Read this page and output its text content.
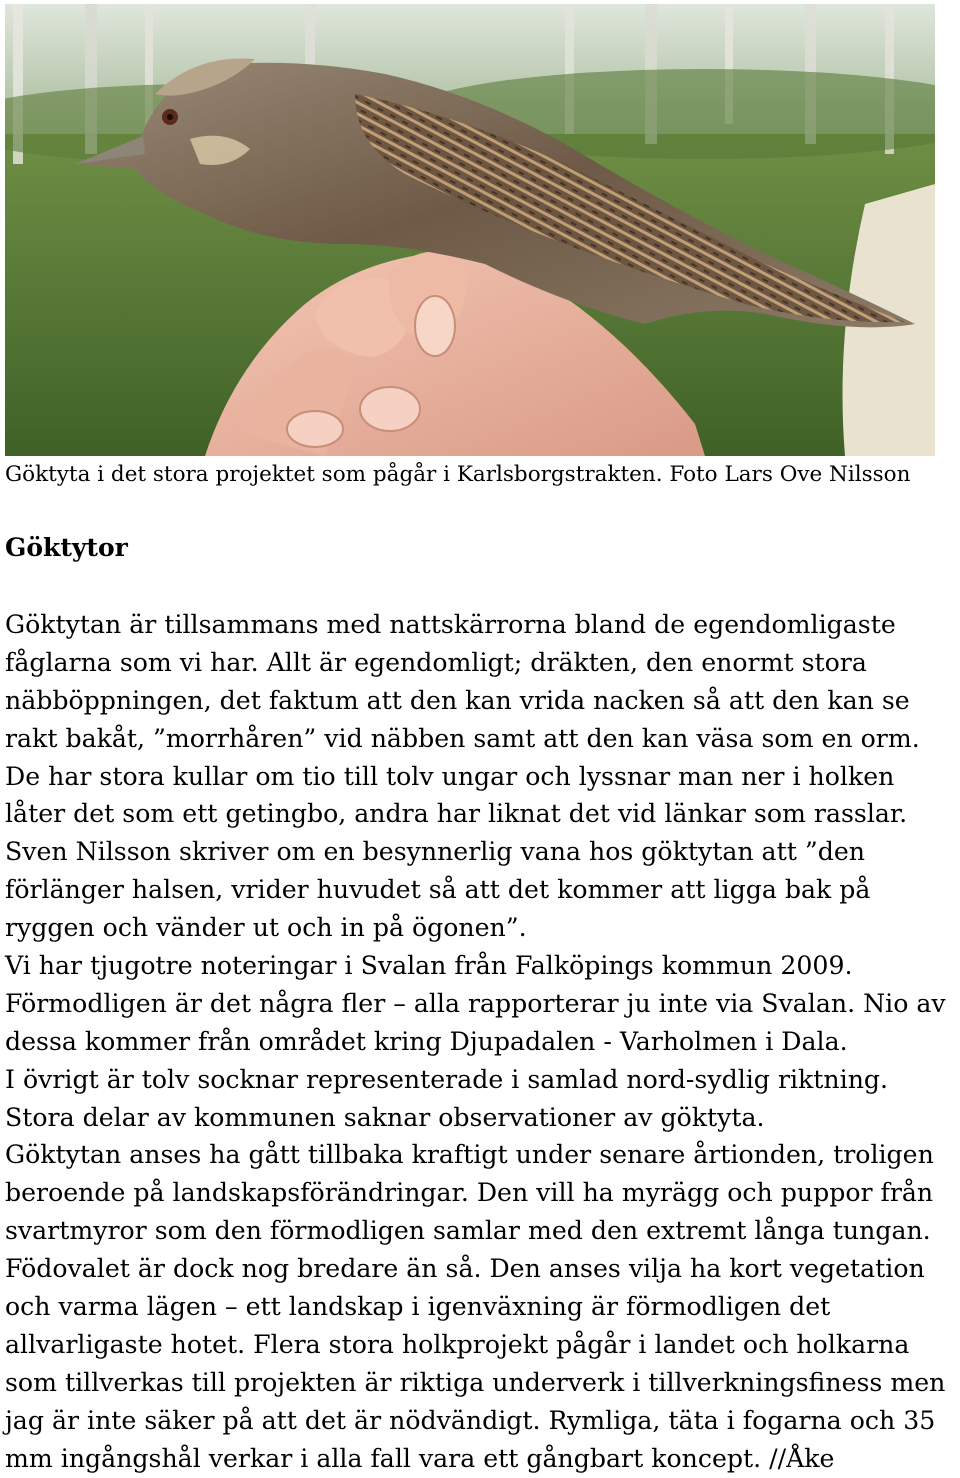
Göktyta i det stora projektet som pågår i Karlsborgstrakten. Foto Lars Ove Nilsson
Göktytor
Göktytan är tillsammans med nattskärrorna bland de egendomligaste
fåglarna som vi har. Allt är egendomligt; dräkten, den enormt stora
näbböppningen, det faktum att den kan vrida nacken så att den kan se
rakt bakåt, ”morrhåren” vid näbben samt att den kan väsa som en orm.
De har stora kullar om tio till tolv ungar och lyssnar man ner i holken
låter det som ett getingbo, andra har liknat det vid länkar som rasslar.
Sven Nilsson skriver om en besynnerlig vana hos göktytan att ”den
förlänger halsen, vrider huvudet så att det kommer att ligga bak på
ryggen och vänder ut och in på ögonen”.
Vi har tjugotre noteringar i Svalan från Falköpings kommun 2009.
Förmodligen är det några fler – alla rapporterar ju inte via Svalan. Nio av
dessa kommer från området kring Djupadalen - Varholmen i Dala.
I övrigt är tolv socknar representerade i samlad nord-sydlig riktning.
Stora delar av kommunen saknar observationer av göktyta.
Göktytan anses ha gått tillbaka kraftigt under senare årtionden, troligen
beroende på landskapsförändringar. Den vill ha myrägg och puppor från
svartmyror som den förmodligen samlar med den extremt långa tungan.
Födovalet är dock nog bredare än så. Den anses vilja ha kort vegetation
och varma lägen – ett landskap i igenväxning är förmodligen det
allvarligaste hotet. Flera stora holkprojekt pågår i landet och holkarna
som tillverkas till projekten är riktiga underverk i tillverkningsfiness men
jag är inte säker på att det är nödvändigt. Rymliga, täta i fogarna och 35
mm ingångshål verkar i alla fall vara ett gångbart koncept. //Åke
